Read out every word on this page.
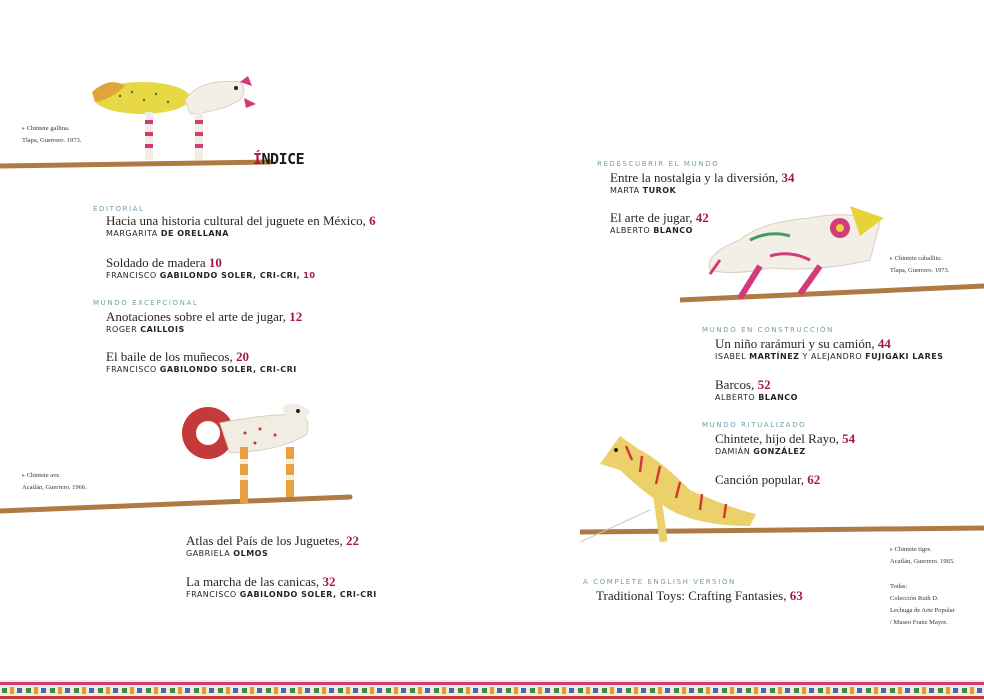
ÍNDICE
▸ Chintete gallina.
Tlapa, Guerrero. 1973.
▸ Chintete ave.
Acatlán, Guerrero. 1966.
▸ Chintete caballito.
Tlapa, Guerrero. 1973.
▸ Chintete tigre.
Acatlán, Guerrero. 1965.
Todas:
Colección Ruth D.
Lechuga de Arte Popular
/ Museo Franz Mayer.
EDITORIAL
Hacia una historia cultural del juguete en México, 6
MARGARITA DE ORELLANA
Soldado de madera 10
FRANCISCO GABILONDO SOLER, CRI-CRI, 10
MUNDO EXCEPCIONAL
Anotaciones sobre el arte de jugar, 12
ROGER CAILLOIS
El baile de los muñecos, 20
FRANCISCO GABILONDO SOLER, CRI-CRI
Atlas del País de los Juguetes, 22
GABRIELA OLMOS
La marcha de las canicas, 32
FRANCISCO GABILONDO SOLER, CRI-CRI
REDESCUBRIR EL MUNDO
Entre la nostalgia y la diversión, 34
MARTA TUROK
El arte de jugar, 42
ALBERTO BLANCO
MUNDO EN CONSTRUCCIÓN
Un niño rarámuri y su camión, 44
ISABEL MARTÍNEZ Y ALEJANDRO FUJIGAKI LARES
Barcos, 52
ALBERTO BLANCO
MUNDO RITUALIZADO
Chintete, hijo del Rayo, 54
DAMIÁN GONZÁLEZ
Canción popular, 62
A COMPLETE ENGLISH VERSION
Traditional Toys: Crafting Fantasies, 63
